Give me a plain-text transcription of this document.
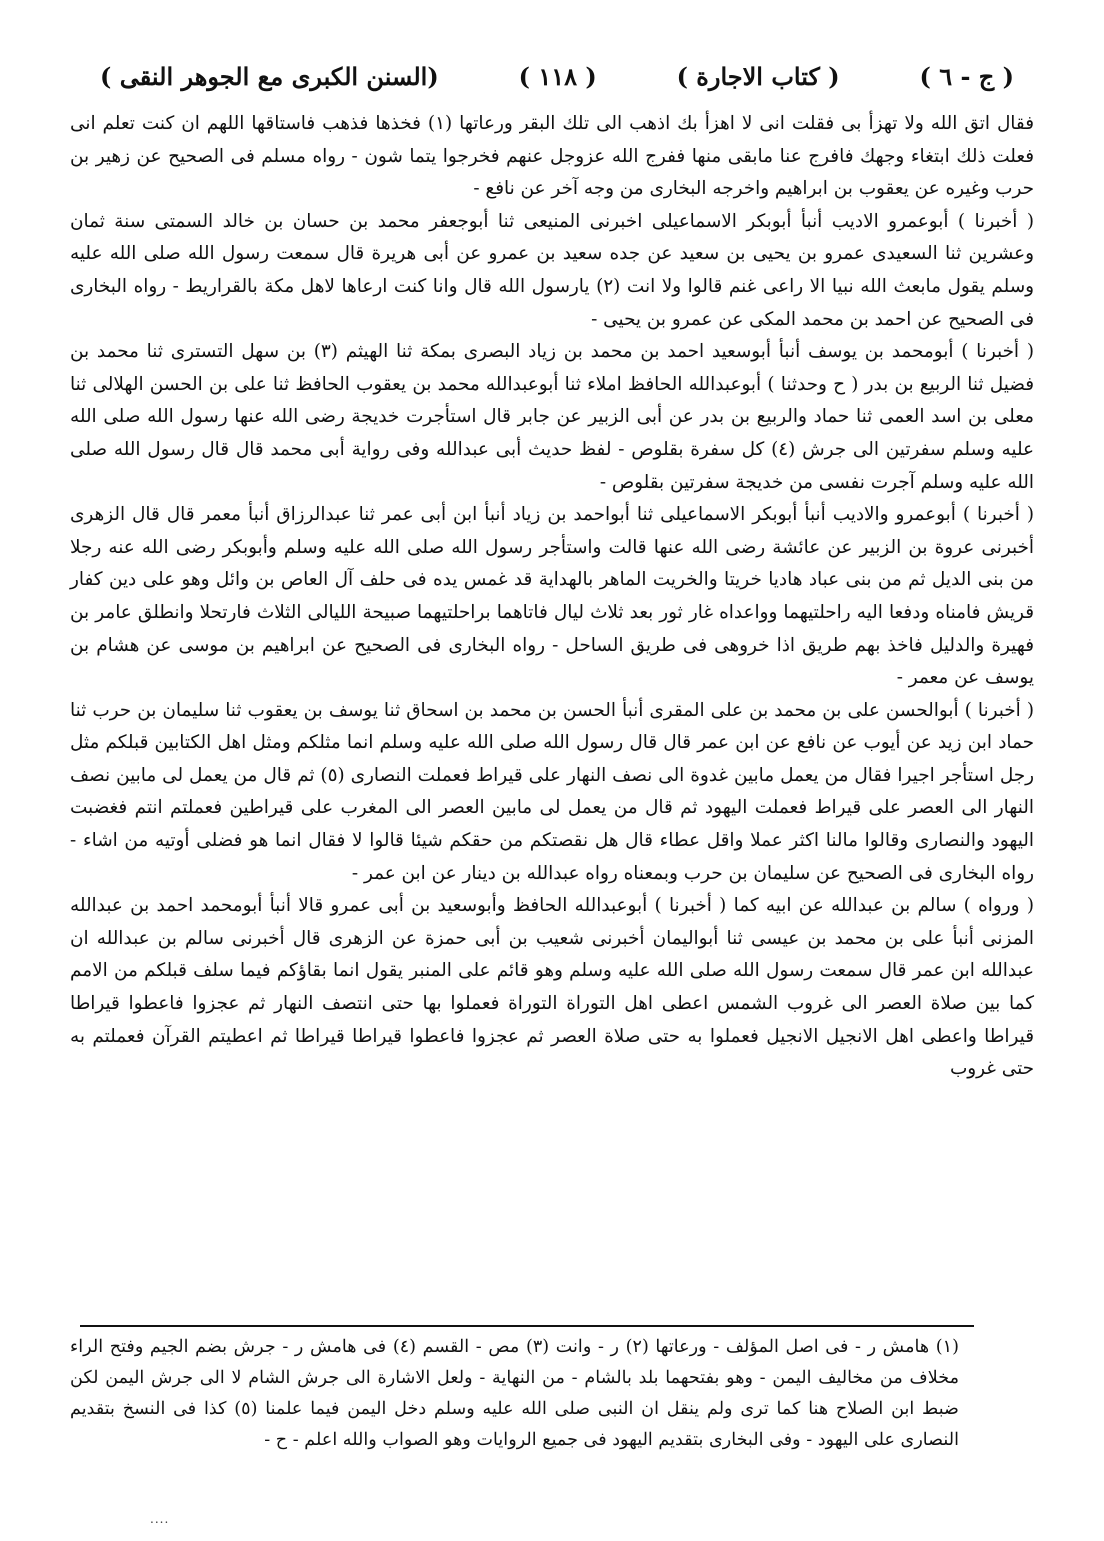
( ج - ٦ )
( كتاب الاجارة )
( ١١٨ )
(السنن الكبرى مع الجوهر النقى )

فقال اتق الله ولا تهزأ بى فقلت انى لا اهزأ بك اذهب الى تلك البقر ورعاتها (١) فخذها فذهب فاستاقها اللهم ان كنت تعلم انى فعلت ذلك ابتغاء وجهك فافرج عنا مابقى منها ففرج الله عزوجل عنهم فخرجوا يتما شون - رواه مسلم فى الصحيح عن زهير بن حرب وغيره عن يعقوب بن ابراهيم واخرجه البخارى من وجه آخر عن نافع -

( أخبرنا ) أبوعمرو الاديب أنبأ أبوبكر الاسماعيلى اخبرنى المنيعى ثنا أبوجعفر محمد بن حسان بن خالد السمتى سنة ثمان وعشرين ثنا السعيدى عمرو بن يحيى بن سعيد عن جده سعيد بن عمرو عن أبى هريرة قال سمعت رسول الله صلى الله عليه وسلم يقول مابعث الله نبيا الا راعى غنم قالوا ولا انت (٢) يارسول الله قال وانا كنت ارعاها لاهل مكة بالقراريط - رواه البخارى فى الصحيح عن احمد بن محمد المكى عن عمرو بن يحيى -

( أخبرنا ) أبومحمد بن يوسف أنبأ أبوسعيد احمد بن محمد بن زياد البصرى بمكة ثنا الهيثم (٣) بن سهل التسترى ثنا محمد بن فضيل ثنا الربيع بن بدر ( ح وحدثنا ) أبوعبدالله الحافظ املاء ثنا أبوعبدالله محمد بن يعقوب الحافظ ثنا على بن الحسن الهلالى ثنا معلى بن اسد العمى ثنا حماد والربيع بن بدر عن أبى الزبير عن جابر قال استأجرت خديجة رضى الله عنها رسول الله صلى الله عليه وسلم سفرتين الى جرش (٤) كل سفرة بقلوص - لفظ حديث أبى عبدالله وفى رواية أبى محمد قال قال رسول الله صلى الله عليه وسلم آجرت نفسى من خديجة سفرتين بقلوص -

( أخبرنا ) أبوعمرو والاديب أنبأ أبوبكر الاسماعيلى ثنا أبواحمد بن زياد أنبأ ابن أبى عمر ثنا عبدالرزاق أنبأ معمر قال قال الزهرى أخبرنى عروة بن الزبير عن عائشة رضى الله عنها قالت واستأجر رسول الله صلى الله عليه وسلم وأبوبكر رضى الله عنه رجلا من بنى الديل ثم من بنى عباد هاديا خريتا والخريت الماهر بالهداية قد غمس يده فى حلف آل العاص بن وائل وهو على دين كفار قريش فامناه ودفعا اليه راحلتيهما وواعداه غار ثور بعد ثلاث ليال فاتاهما براحلتيهما صبيحة الليالى الثلاث فارتحلا وانطلق عامر بن فهيرة والدليل فاخذ بهم طريق اذا خروهى فى طريق الساحل - رواه البخارى فى الصحيح عن ابراهيم بن موسى عن هشام بن يوسف عن معمر -

( أخبرنا ) أبوالحسن على بن محمد بن على المقرى أنبأ الحسن بن محمد بن اسحاق ثنا يوسف بن يعقوب ثنا سليمان بن حرب ثنا حماد ابن زيد عن أيوب عن نافع عن ابن عمر قال قال رسول الله صلى الله عليه وسلم انما مثلكم ومثل اهل الكتابين قبلكم مثل رجل استأجر اجيرا فقال من يعمل مابين غدوة الى نصف النهار على قيراط فعملت النصارى (٥) ثم قال من يعمل لى مابين نصف النهار الى العصر على قيراط فعملت اليهود ثم قال من يعمل لى مابين العصر الى المغرب على قيراطين فعملتم انتم فغضبت اليهود والنصارى وقالوا مالنا اكثر عملا واقل عطاء قال هل نقصتكم من حقكم شيئا قالوا لا فقال انما هو فضلى أوتيه من اشاء - رواه البخارى فى الصحيح عن سليمان بن حرب وبمعناه رواه عبدالله بن دينار عن ابن عمر -

( ورواه ) سالم بن عبدالله عن ابيه كما ( أخبرنا ) أبوعبدالله الحافظ وأبوسعيد بن أبى عمرو قالا أنبأ أبومحمد احمد بن عبدالله المزنى أنبأ على بن محمد بن عيسى ثنا أبواليمان أخبرنى شعيب بن أبى حمزة عن الزهرى قال أخبرنى سالم بن عبدالله ان عبدالله ابن عمر قال سمعت رسول الله صلى الله عليه وسلم وهو قائم على المنبر يقول انما بقاؤكم فيما سلف قبلكم من الامم كما بين صلاة العصر الى غروب الشمس اعطى اهل التوراة التوراة فعملوا بها حتى انتصف النهار ثم عجزوا فاعطوا قيراطا قيراطا واعطى اهل الانجيل الانجيل فعملوا به حتى صلاة العصر ثم عجزوا فاعطوا قيراطا قيراطا ثم اعطيتم القرآن فعملتم به حتى غروب

(١) هامش ر - فى اصل المؤلف - ورعاتها (٢) ر - وانت (٣) مص - القسم (٤) فى هامش ر - جرش بضم الجيم وفتح الراء مخلاف من مخاليف اليمن - وهو بفتحهما بلد بالشام - من النهاية - ولعل الاشارة الى جرش الشام لا الى جرش اليمن لكن ضبط ابن الصلاح هنا كما ترى ولم ينقل ان النبى صلى الله عليه وسلم دخل اليمن فيما علمنا (٥) كذا فى النسخ بتقديم النصارى على اليهود - وفى البخارى بتقديم اليهود فى جميع الروايات وهو الصواب والله اعلم - ح -

....
